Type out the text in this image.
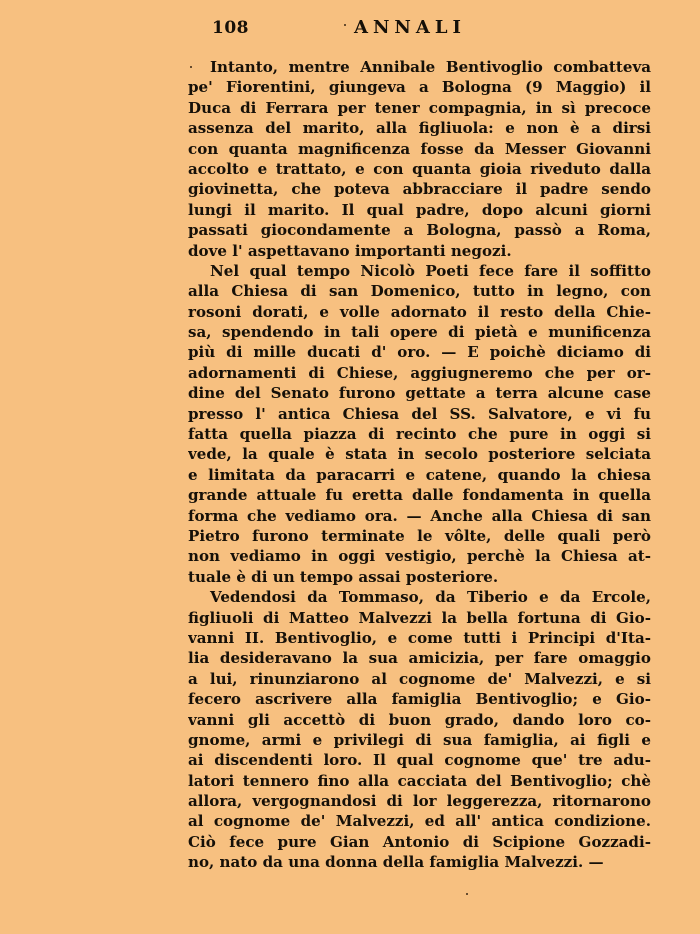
108	ANNALI
Intanto, mentre Annibale Bentivoglio combatteva
pe' Fiorentini, giungeva a Bologna (9 Maggio) il
Duca di Ferrara per tener compagnia, in sì precoce
assenza del marito, alla figliuola: e non è a dirsi
con quanta magnificenza fosse da Messer Giovanni
accolto e trattato, e con quanta gioia riveduto dalla
giovinetta, che poteva abbracciare il padre sendo
lungi il marito. Il qual padre, dopo alcuni giorni
passati giocondamente a Bologna, passò a Roma,
dove l' aspettavano importanti negozi.
Nel qual tempo Nicolò Poeti fece fare il soffitto
alla Chiesa di san Domenico, tutto in legno, con
rosoni dorati, e volle adornato il resto della Chie-
sa, spendendo in tali opere di pietà e munificenza
più di mille ducati d' oro. — E poichè diciamo di
adornamenti di Chiese, aggiugneremo che per or-
dine del Senato furono gettate a terra alcune case
presso l' antica Chiesa del SS. Salvatore, e vi fu
fatta quella piazza di recinto che pure in oggi si
vede, la quale è stata in secolo posteriore selciata
e limitata da paracarri e catene, quando la chiesa
grande attuale fu eretta dalle fondamenta in quella
forma che vediamo ora. — Anche alla Chiesa di san
Pietro furono terminate le vôlte, delle quali però
non vediamo in oggi vestigio, perchè la Chiesa at-
tuale è di un tempo assai posteriore.
Vedendosi da Tommaso, da Tiberio e da Ercole,
figliuoli di Matteo Malvezzi la bella fortuna di Gio-
vanni II. Bentivoglio, e come tutti i Principi d'Ita-
lia desideravano la sua amicizia, per fare omaggio
a lui, rinunziarono al cognome de' Malvezzi, e si
fecero ascrivere alla famiglia Bentivoglio; e Gio-
vanni gli accettò di buon grado, dando loro co-
gnome, armi e privilegi di sua famiglia, ai figli e
ai discendenti loro. Il qual cognome que' tre adu-
latori tennero fino alla cacciata del Bentivoglio; chè
allora, vergognandosi di lor leggerezza, ritornarono
al cognome de' Malvezzi, ed all' antica condizione.
Ciò fece pure Gian Antonio di Scipione Gozzadi-
no, nato da una donna della famiglia Malvezzi. —
